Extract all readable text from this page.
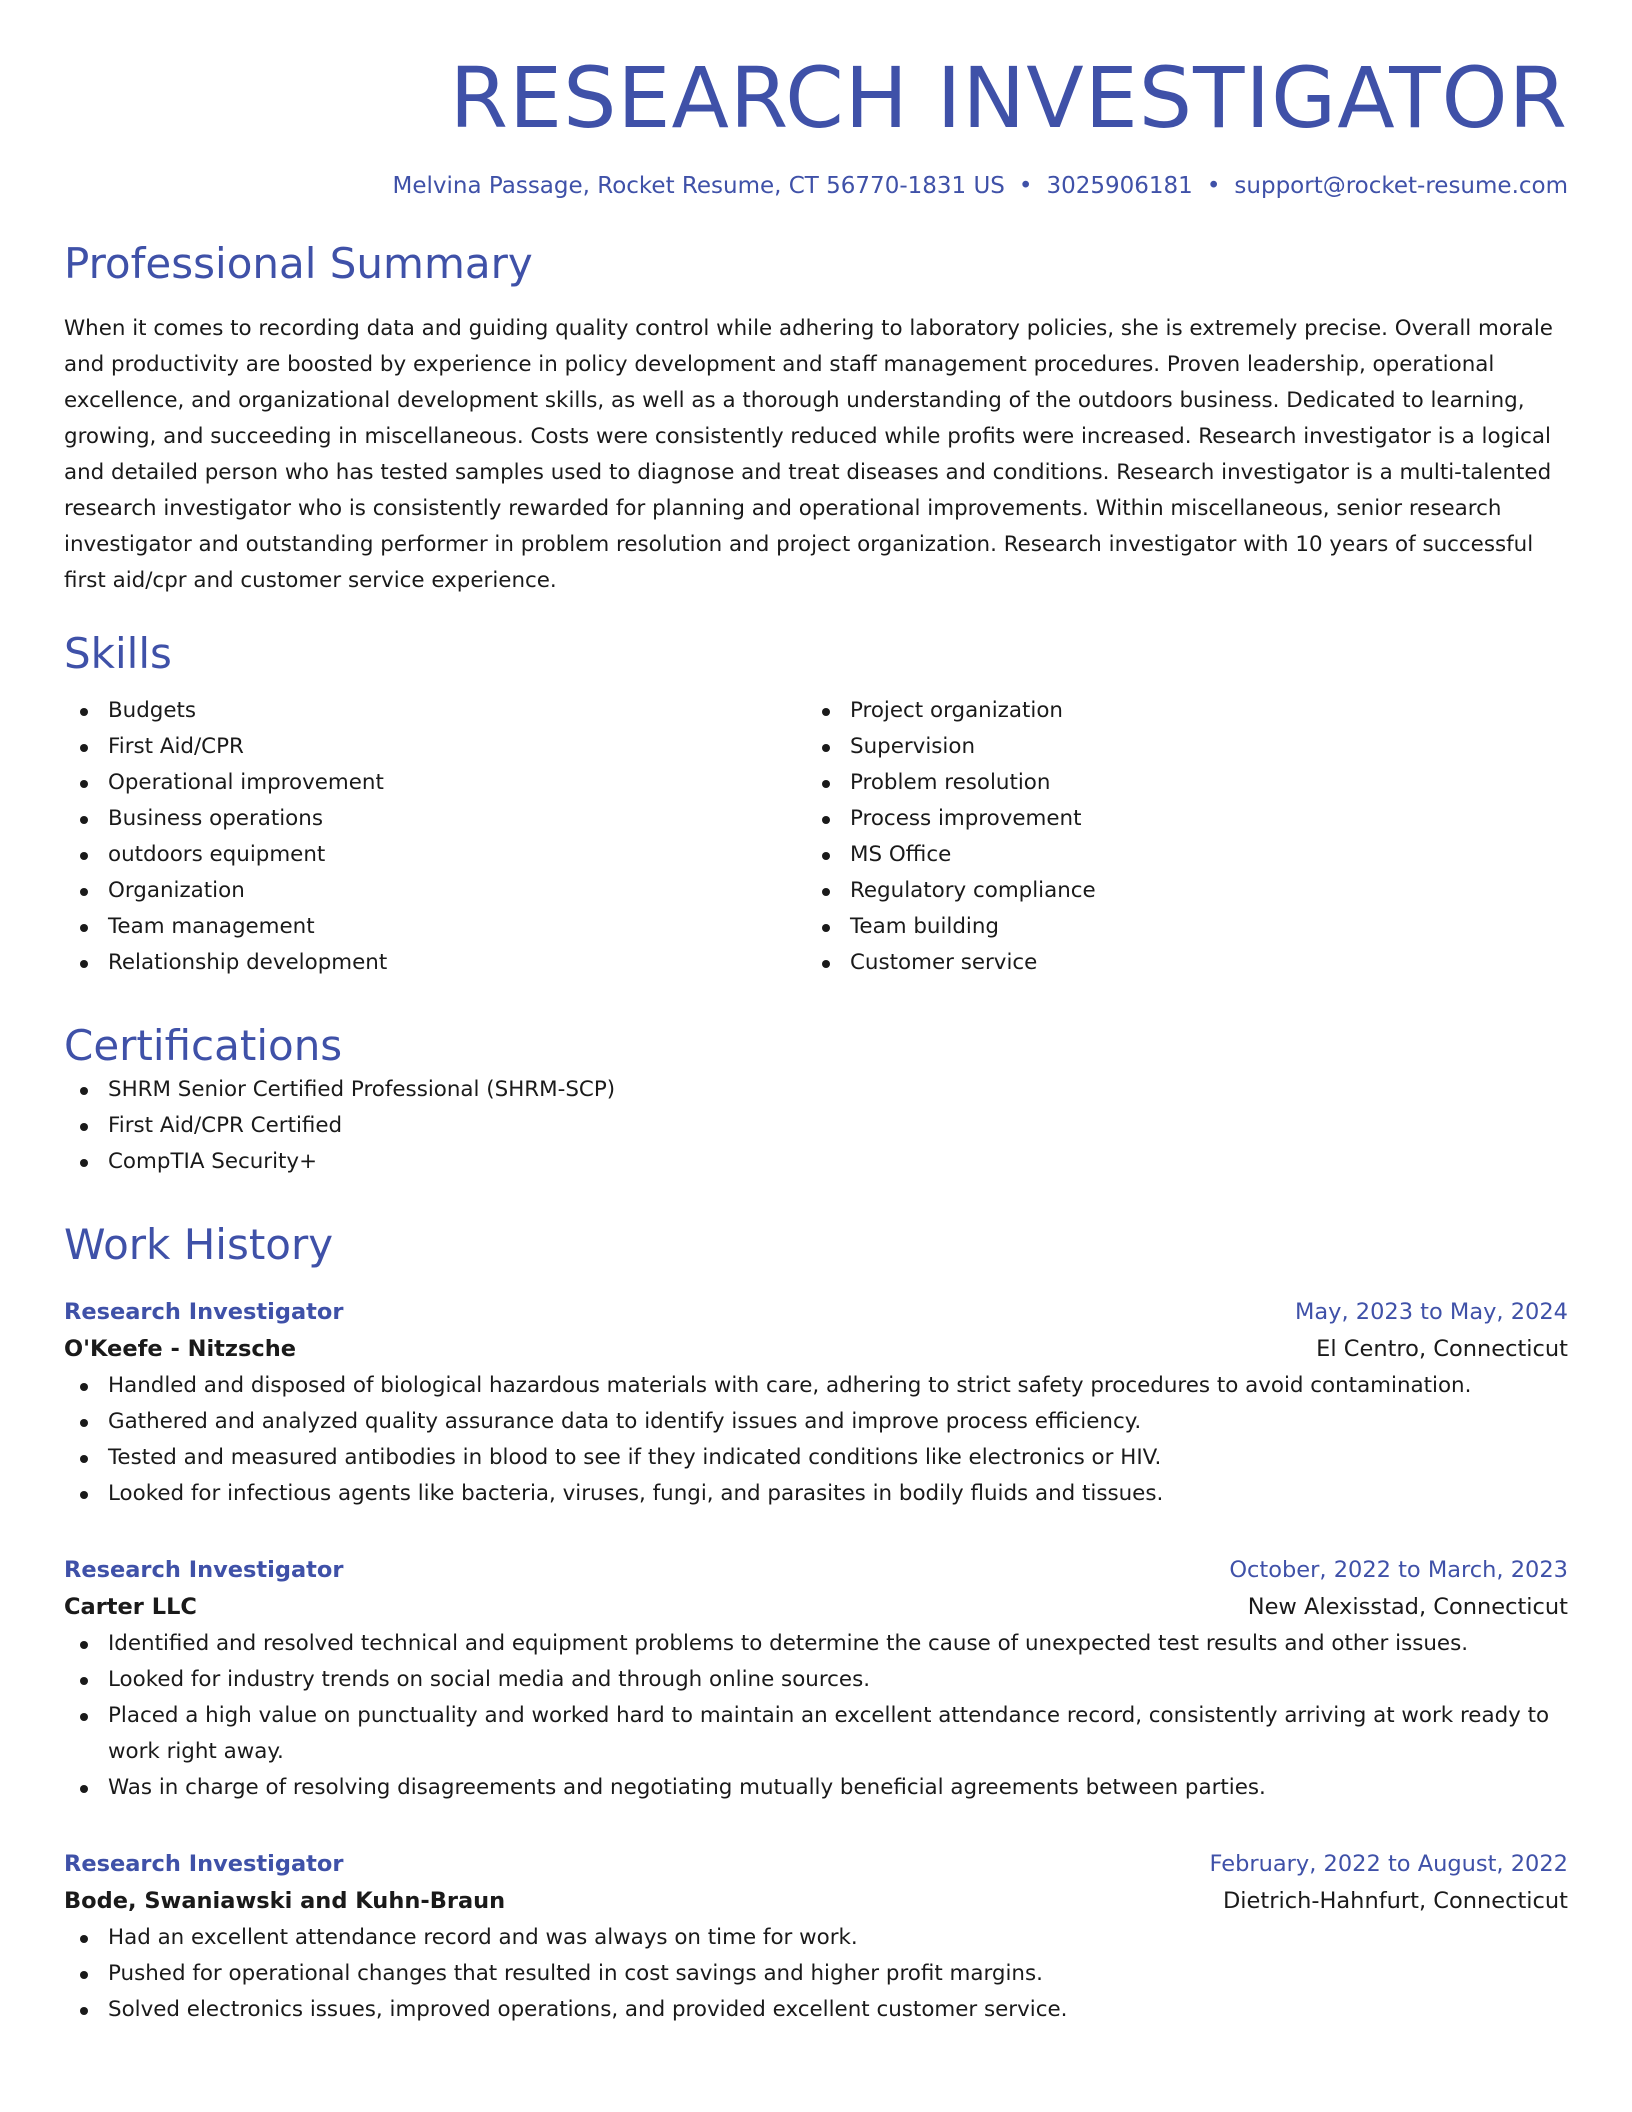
RESEARCH INVESTIGATOR
Melvina Passage, Rocket Resume, CT 56770-1831 US • 3025906181 • support@rocket-resume.com
Professional Summary

When it comes to recording data and guiding quality control while adhering to laboratory policies, she is extremely precise. Overall morale and productivity are boosted by experience in policy development and staff management procedures. Proven leadership, operational excellence, and organizational development skills, as well as a thorough understanding of the outdoors business. Dedicated to learning, growing, and succeeding in miscellaneous. Costs were consistently reduced while profits were increased. Research investigator is a logical and detailed person who has tested samples used to diagnose and treat diseases and conditions. Research investigator is a multi-talented research investigator who is consistently rewarded for planning and operational improvements. Within miscellaneous, senior research investigator and outstanding performer in problem resolution and project organization. Research investigator with 10 years of successful first aid/cpr and customer service experience.

Skills
Budgets
First Aid/CPR
Operational improvement
Business operations
outdoors equipment
Organization
Team management
Relationship development
Project organization
Supervision
Problem resolution
Process improvement
MS Office
Regulatory compliance
Team building
Customer service
Certifications
SHRM Senior Certified Professional (SHRM-SCP)
First Aid/CPR Certified
CompTIA Security+
Work History
Research Investigator	May, 2023 to May, 2024
O'Keefe - Nitzsche	El Centro, Connecticut
Handled and disposed of biological hazardous materials with care, adhering to strict safety procedures to avoid contamination.
Gathered and analyzed quality assurance data to identify issues and improve process efficiency.
Tested and measured antibodies in blood to see if they indicated conditions like electronics or HIV.
Looked for infectious agents like bacteria, viruses, fungi, and parasites in bodily fluids and tissues.
Research Investigator	October, 2022 to March, 2023
Carter LLC	New Alexisstad, Connecticut
Identified and resolved technical and equipment problems to determine the cause of unexpected test results and other issues.
Looked for industry trends on social media and through online sources.
Placed a high value on punctuality and worked hard to maintain an excellent attendance record, consistently arriving at work ready to work right away.
Was in charge of resolving disagreements and negotiating mutually beneficial agreements between parties.
Research Investigator	February, 2022 to August, 2022
Bode, Swaniawski and Kuhn-Braun	Dietrich-Hahnfurt, Connecticut
Had an excellent attendance record and was always on time for work.
Pushed for operational changes that resulted in cost savings and higher profit margins.
Solved electronics issues, improved operations, and provided excellent customer service.
